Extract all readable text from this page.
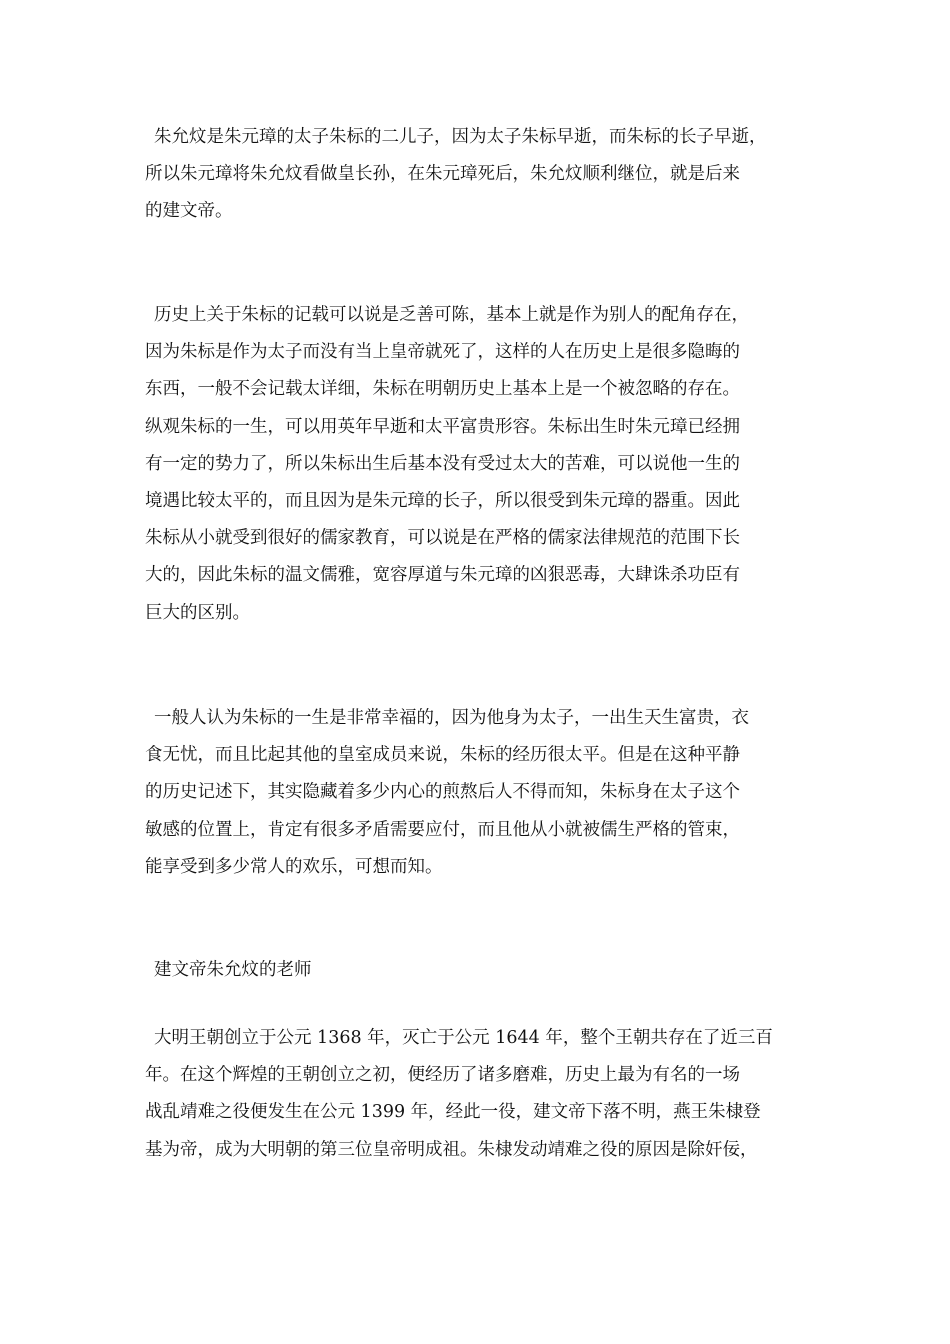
朱允炆是朱元璋的太子朱标的二儿子，因为太子朱标早逝，而朱标的长子早逝，
所以朱元璋将朱允炆看做皇长孙，在朱元璋死后，朱允炆顺利继位，就是后来
的建文帝。
历史上关于朱标的记载可以说是乏善可陈，基本上就是作为别人的配角存在，
因为朱标是作为太子而没有当上皇帝就死了，这样的人在历史上是很多隐晦的
东西，一般不会记载太详细，朱标在明朝历史上基本上是一个被忽略的存在。
纵观朱标的一生，可以用英年早逝和太平富贵形容。朱标出生时朱元璋已经拥
有一定的势力了，所以朱标出生后基本没有受过太大的苦难，可以说他一生的
境遇比较太平的，而且因为是朱元璋的长子，所以很受到朱元璋的器重。因此
朱标从小就受到很好的儒家教育，可以说是在严格的儒家法律规范的范围下长
大的，因此朱标的温文儒雅，宽容厚道与朱元璋的凶狠恶毒，大肆诛杀功臣有
巨大的区别。
一般人认为朱标的一生是非常幸福的，因为他身为太子，一出生天生富贵，衣
食无忧，而且比起其他的皇室成员来说，朱标的经历很太平。但是在这种平静
的历史记述下，其实隐藏着多少内心的煎熬后人不得而知，朱标身在太子这个
敏感的位置上，肯定有很多矛盾需要应付，而且他从小就被儒生严格的管束，
能享受到多少常人的欢乐，可想而知。
建文帝朱允炆的老师
大明王朝创立于公元 1368 年，灭亡于公元 1644 年，整个王朝共存在了近三百
年。在这个辉煌的王朝创立之初，便经历了诸多磨难，历史上最为有名的一场
战乱靖难之役便发生在公元 1399 年，经此一役，建文帝下落不明，燕王朱棣登
基为帝，成为大明朝的第三位皇帝明成祖。朱棣发动靖难之役的原因是除奸佞，
